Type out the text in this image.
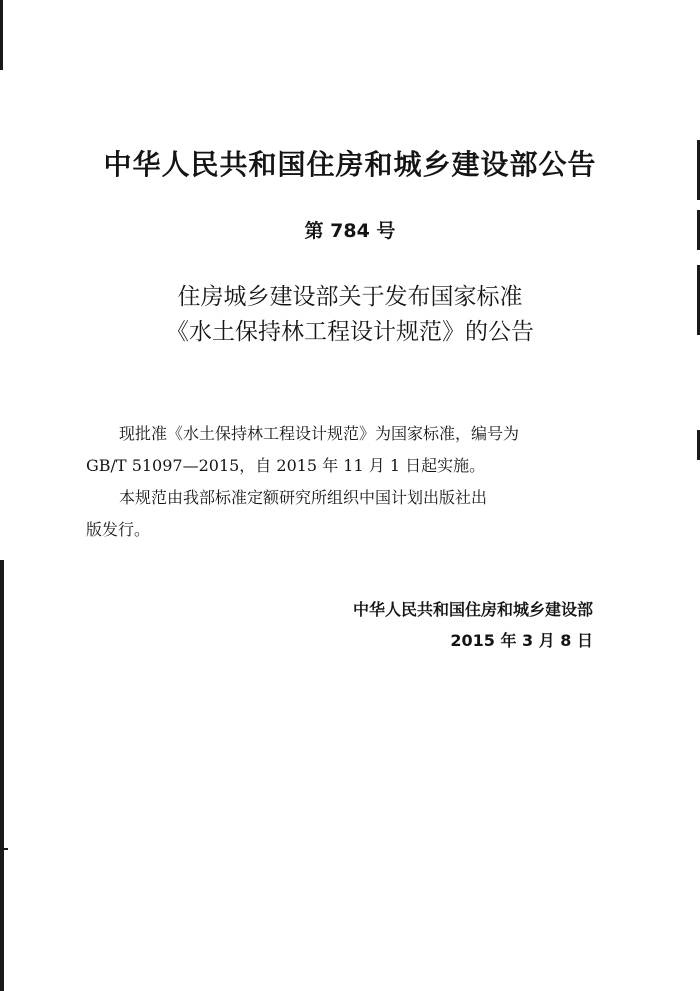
中华人民共和国住房和城乡建设部公告
第 784 号
住房城乡建设部关于发布国家标准
《水土保持林工程设计规范》的公告
现批准《水土保持林工程设计规范》为国家标准，编号为
GB/T 51097—2015，自 2015 年 11 月 1 日起实施。
本规范由我部标准定额研究所组织中国计划出版社出
版发行。
中华人民共和国住房和城乡建设部
2015 年 3 月 8 日
